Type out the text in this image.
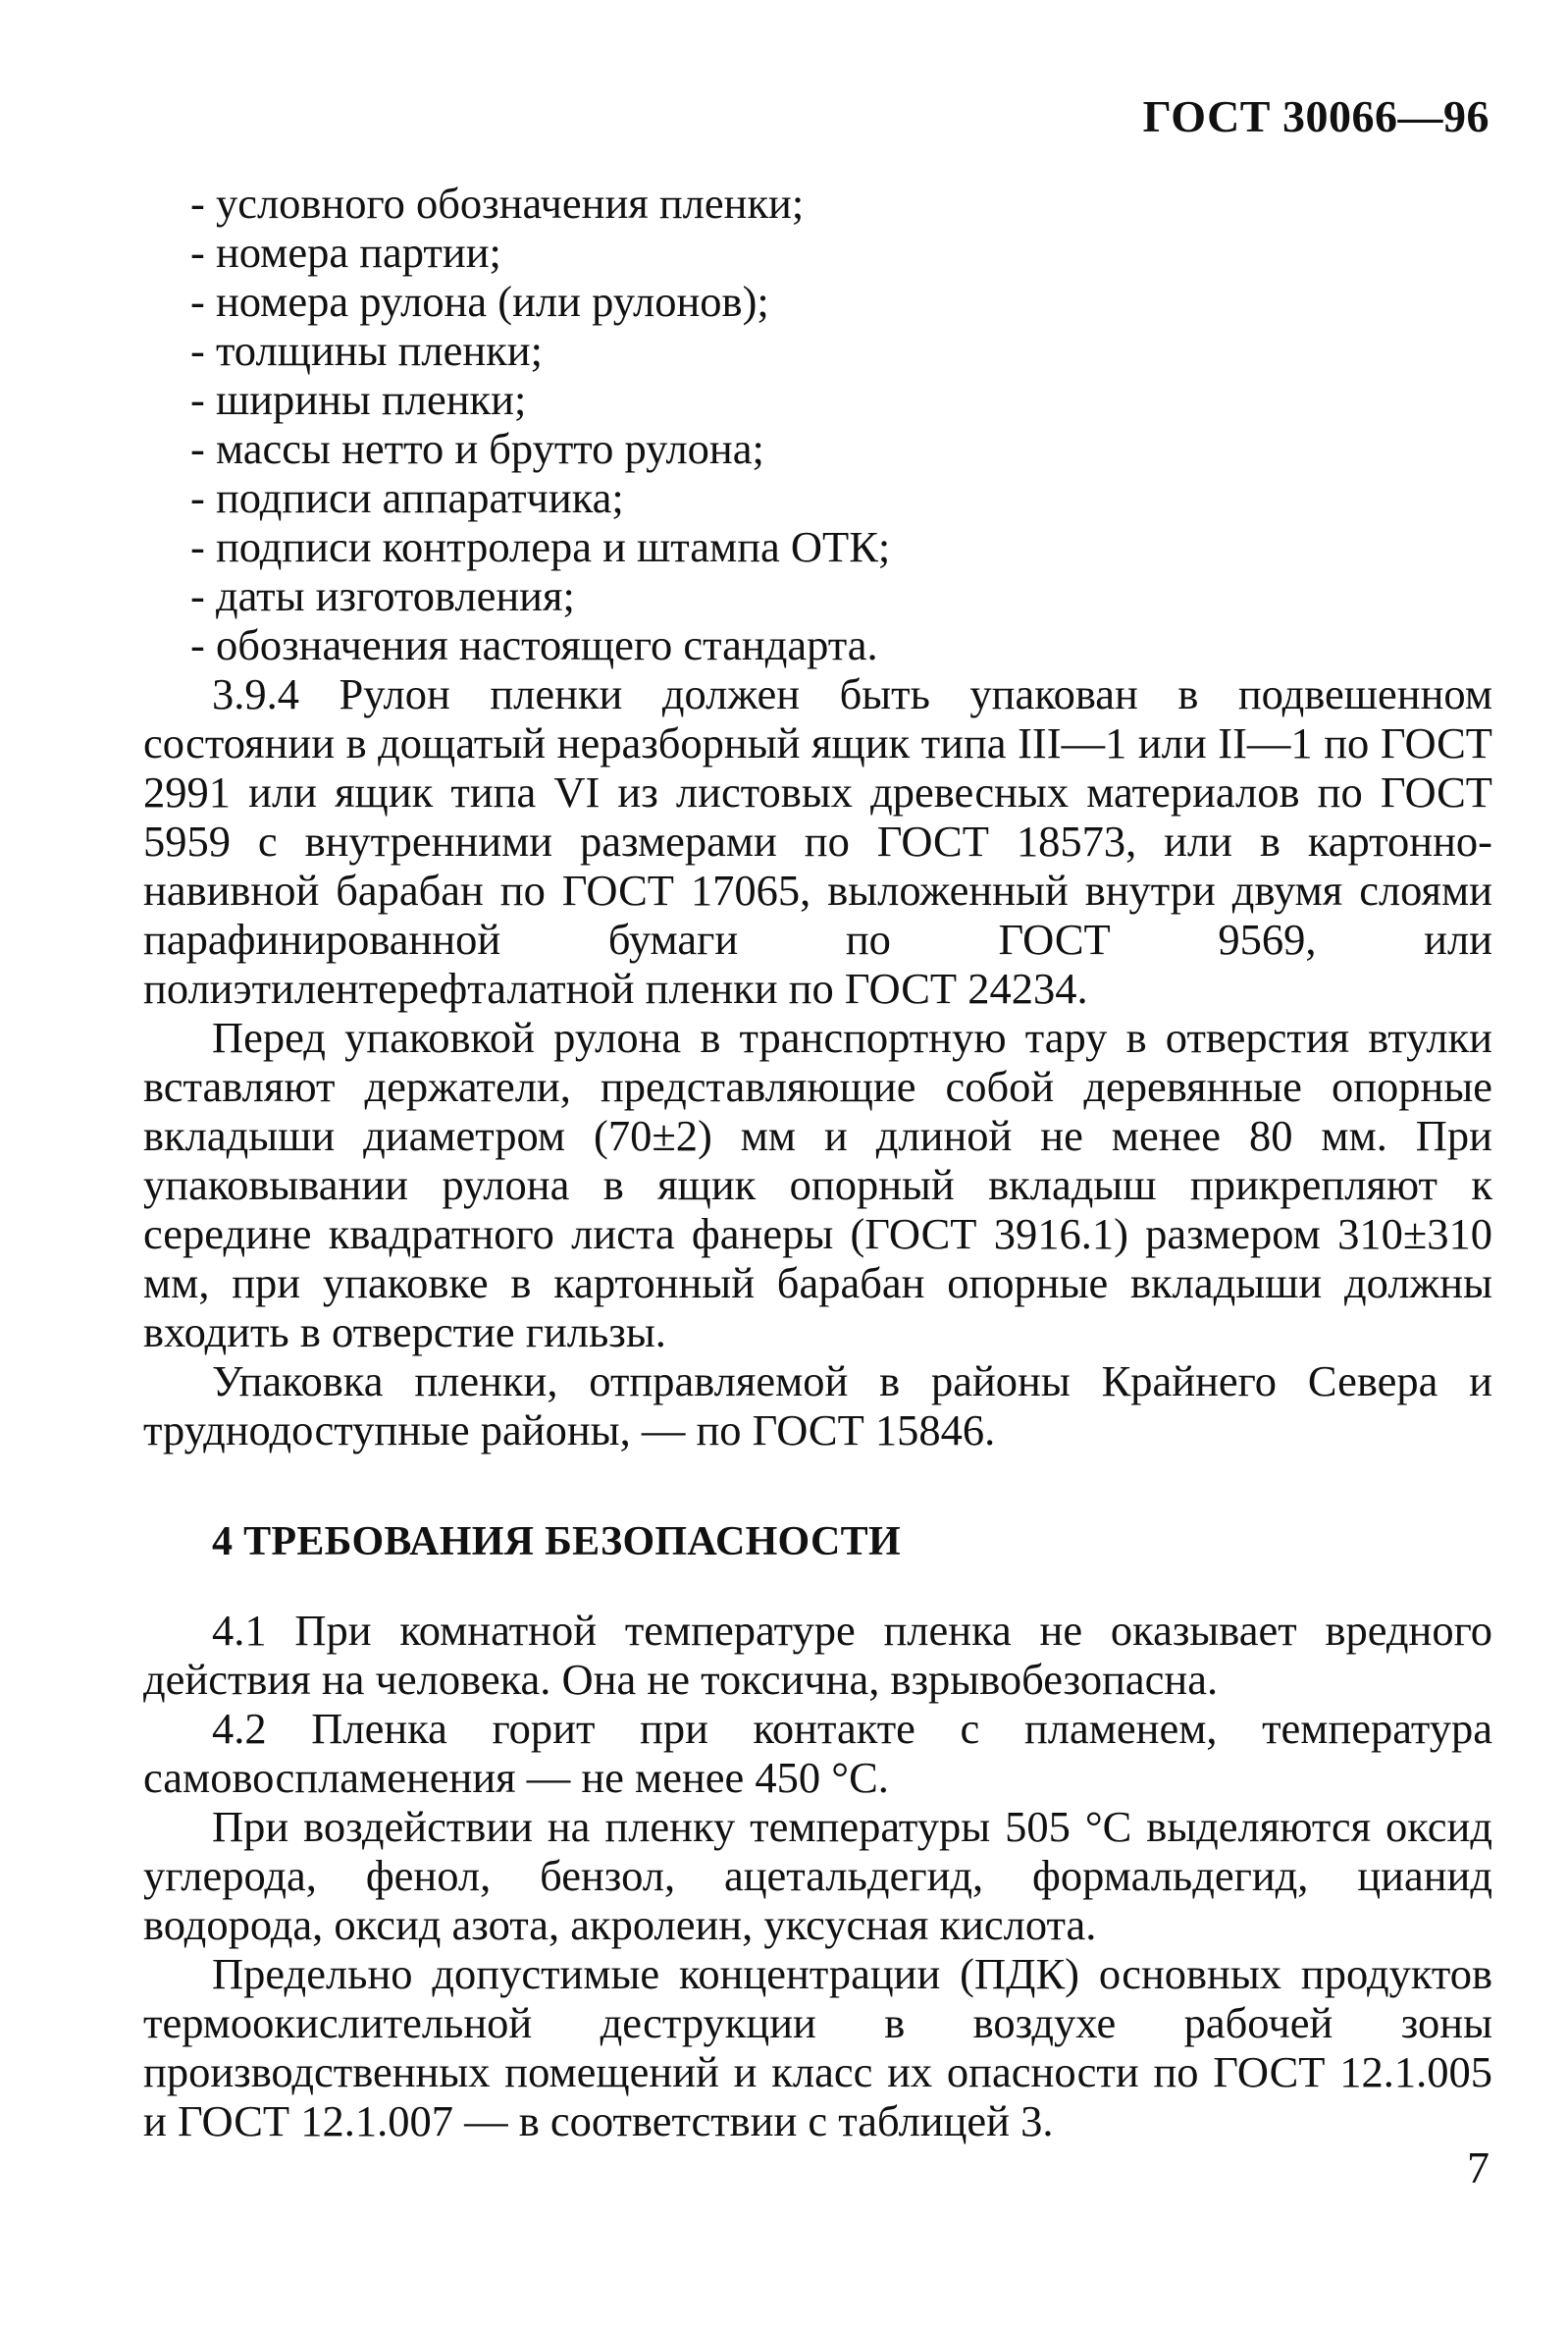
ГОСТ 30066—96
- условного обозначения пленки;
- номера партии;
- номера рулона (или рулонов);
- толщины пленки;
- ширины пленки;
- массы нетто и брутто рулона;
- подписи аппаратчика;
- подписи контролера и штампа ОТК;
- даты изготовления;
- обозначения настоящего стандарта.

3.9.4 Рулон пленки должен быть упакован в подвешенном состоянии в дощатый неразборный ящик типа III—1 или II—1 по ГОСТ 2991 или ящик типа VI из листовых древесных материалов по ГОСТ 5959 с внутренними размерами по ГОСТ 18573, или в картонно-навивной барабан по ГОСТ 17065, выложенный внутри двумя слоями парафинированной бумаги по ГОСТ 9569, или полиэтилентерефталатной пленки по ГОСТ 24234.

Перед упаковкой рулона в транспортную тару в отверстия втулки вставляют держатели, представляющие собой деревянные опорные вкладыши диаметром (70±2) мм и длиной не менее 80 мм. При упаковывании рулона в ящик опорный вкладыш прикрепляют к середине квадратного листа фанеры (ГОСТ 3916.1) размером 310±310 мм, при упаковке в картонный барабан опорные вкладыши должны входить в отверстие гильзы.

Упаковка пленки, отправляемой в районы Крайнего Севера и труднодоступные районы, — по ГОСТ 15846.

4 ТРЕБОВАНИЯ БЕЗОПАСНОСТИ

4.1 При комнатной температуре пленка не оказывает вредного действия на человека. Она не токсична, взрывобезопасна.

4.2 Пленка горит при контакте с пламенем, температура самовоспламенения — не менее 450 °С.

При воздействии на пленку температуры 505 °С выделяются оксид углерода, фенол, бензол, ацетальдегид, формальдегид, цианид водорода, оксид азота, акролеин, уксусная кислота.

Предельно допустимые концентрации (ПДК) основных продуктов термоокислительной деструкции в воздухе рабочей зоны производственных помещений и класс их опасности по ГОСТ 12.1.005 и ГОСТ 12.1.007 — в соответствии с таблицей 3.

7
